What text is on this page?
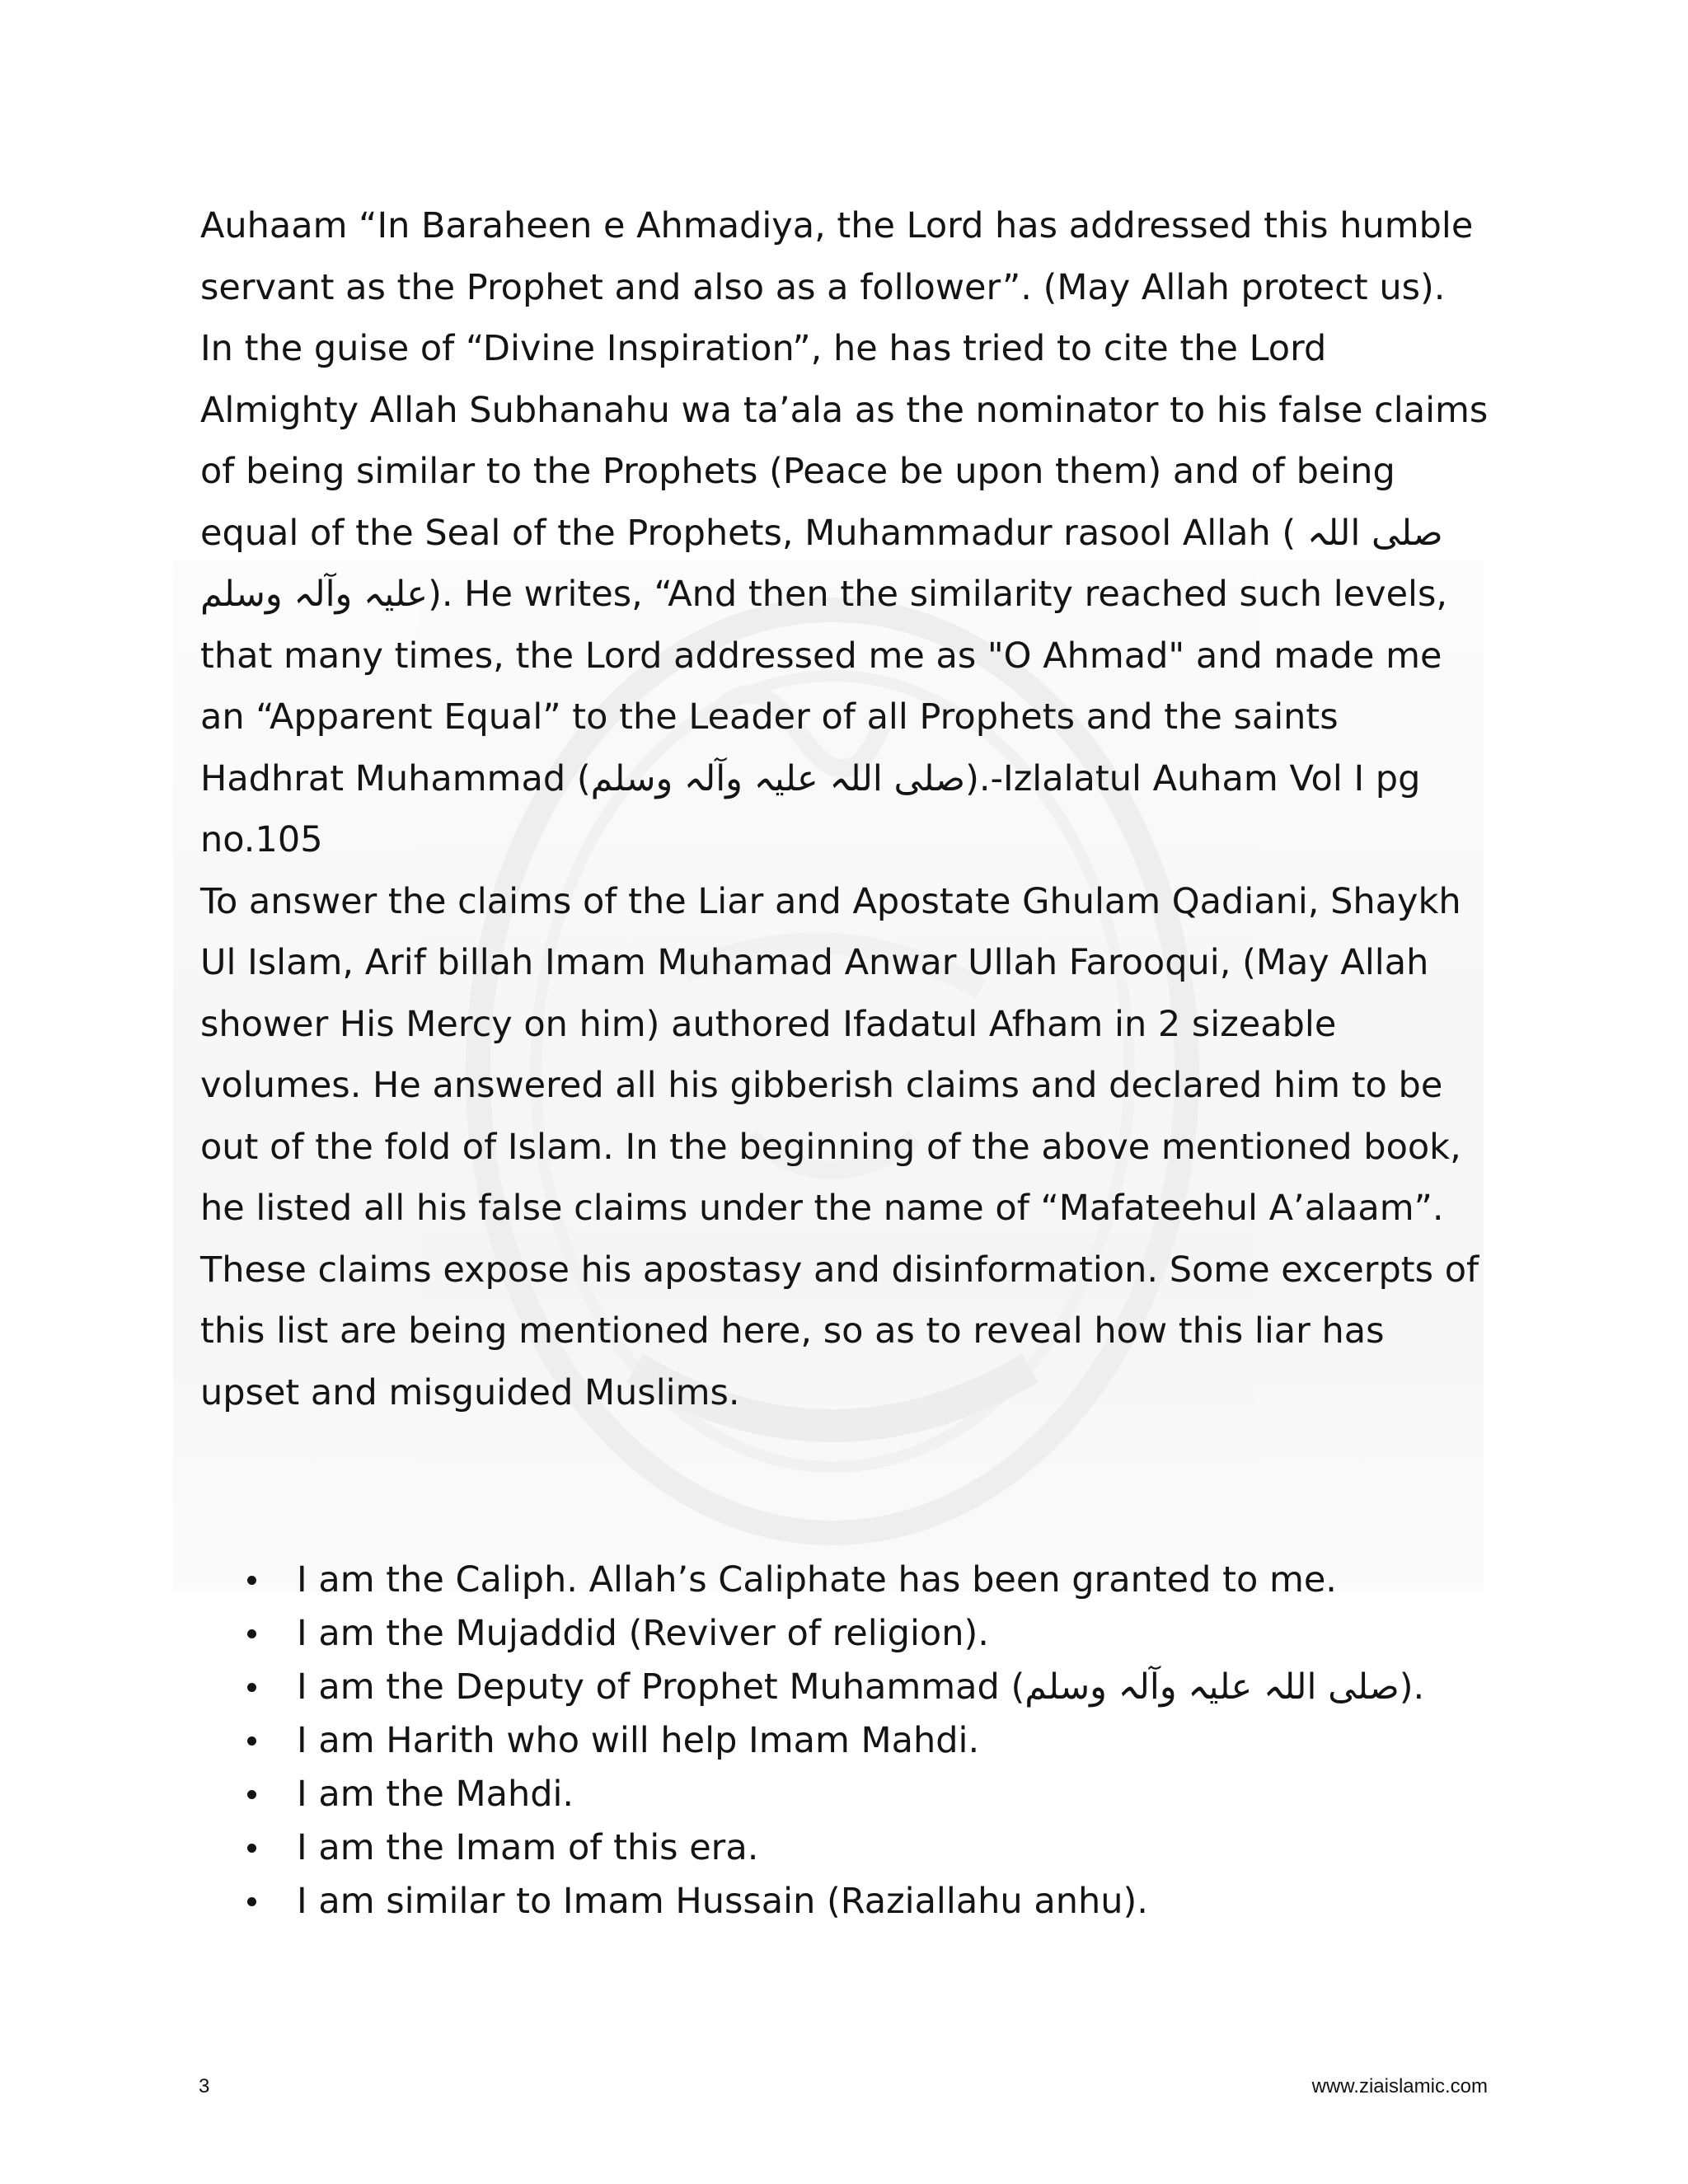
Auhaam “In Baraheen e Ahmadiya, the Lord has addressed this humble
servant as the Prophet and also as a follower”. (May Allah protect us).
In the guise of “Divine Inspiration”, he has tried to cite the Lord
Almighty Allah Subhanahu wa ta’ala as the nominator to his false claims
of being similar to the Prophets (Peace be upon them) and of being
equal of the Seal of the Prophets, Muhammadur rasool Allah ( صلی اللہ
علیہ وآلہ وسلم). He writes, “And then the similarity reached such levels,
that many times, the Lord addressed me as "O Ahmad" and made me
an “Apparent Equal” to the Leader of all Prophets and the saints
Hadhrat Muhammad (صلی اللہ علیہ وآلہ وسلم).-Izlalatul Auham Vol I pg
no.105
To answer the claims of the Liar and Apostate Ghulam Qadiani, Shaykh
Ul Islam, Arif billah Imam Muhamad Anwar Ullah Farooqui, (May Allah
shower His Mercy on him) authored Ifadatul Afham in 2 sizeable
volumes. He answered all his gibberish claims and declared him to be
out of the fold of Islam. In the beginning of the above mentioned book,
he listed all his false claims under the name of “Mafateehul A’alaam”.
These claims expose his apostasy and disinformation. Some excerpts of
this list are being mentioned here, so as to reveal how this liar has
upset and misguided Muslims.
I am the Caliph. Allah’s Caliphate has been granted to me.
I am the Mujaddid (Reviver of religion).
I am the Deputy of Prophet Muhammad (صلی اللہ علیہ وآلہ وسلم).
I am Harith who will help Imam Mahdi.
I am the Mahdi.
I am the Imam of this era.
I am similar to Imam Hussain (Raziallahu anhu).
3	www.ziaislamic.com
